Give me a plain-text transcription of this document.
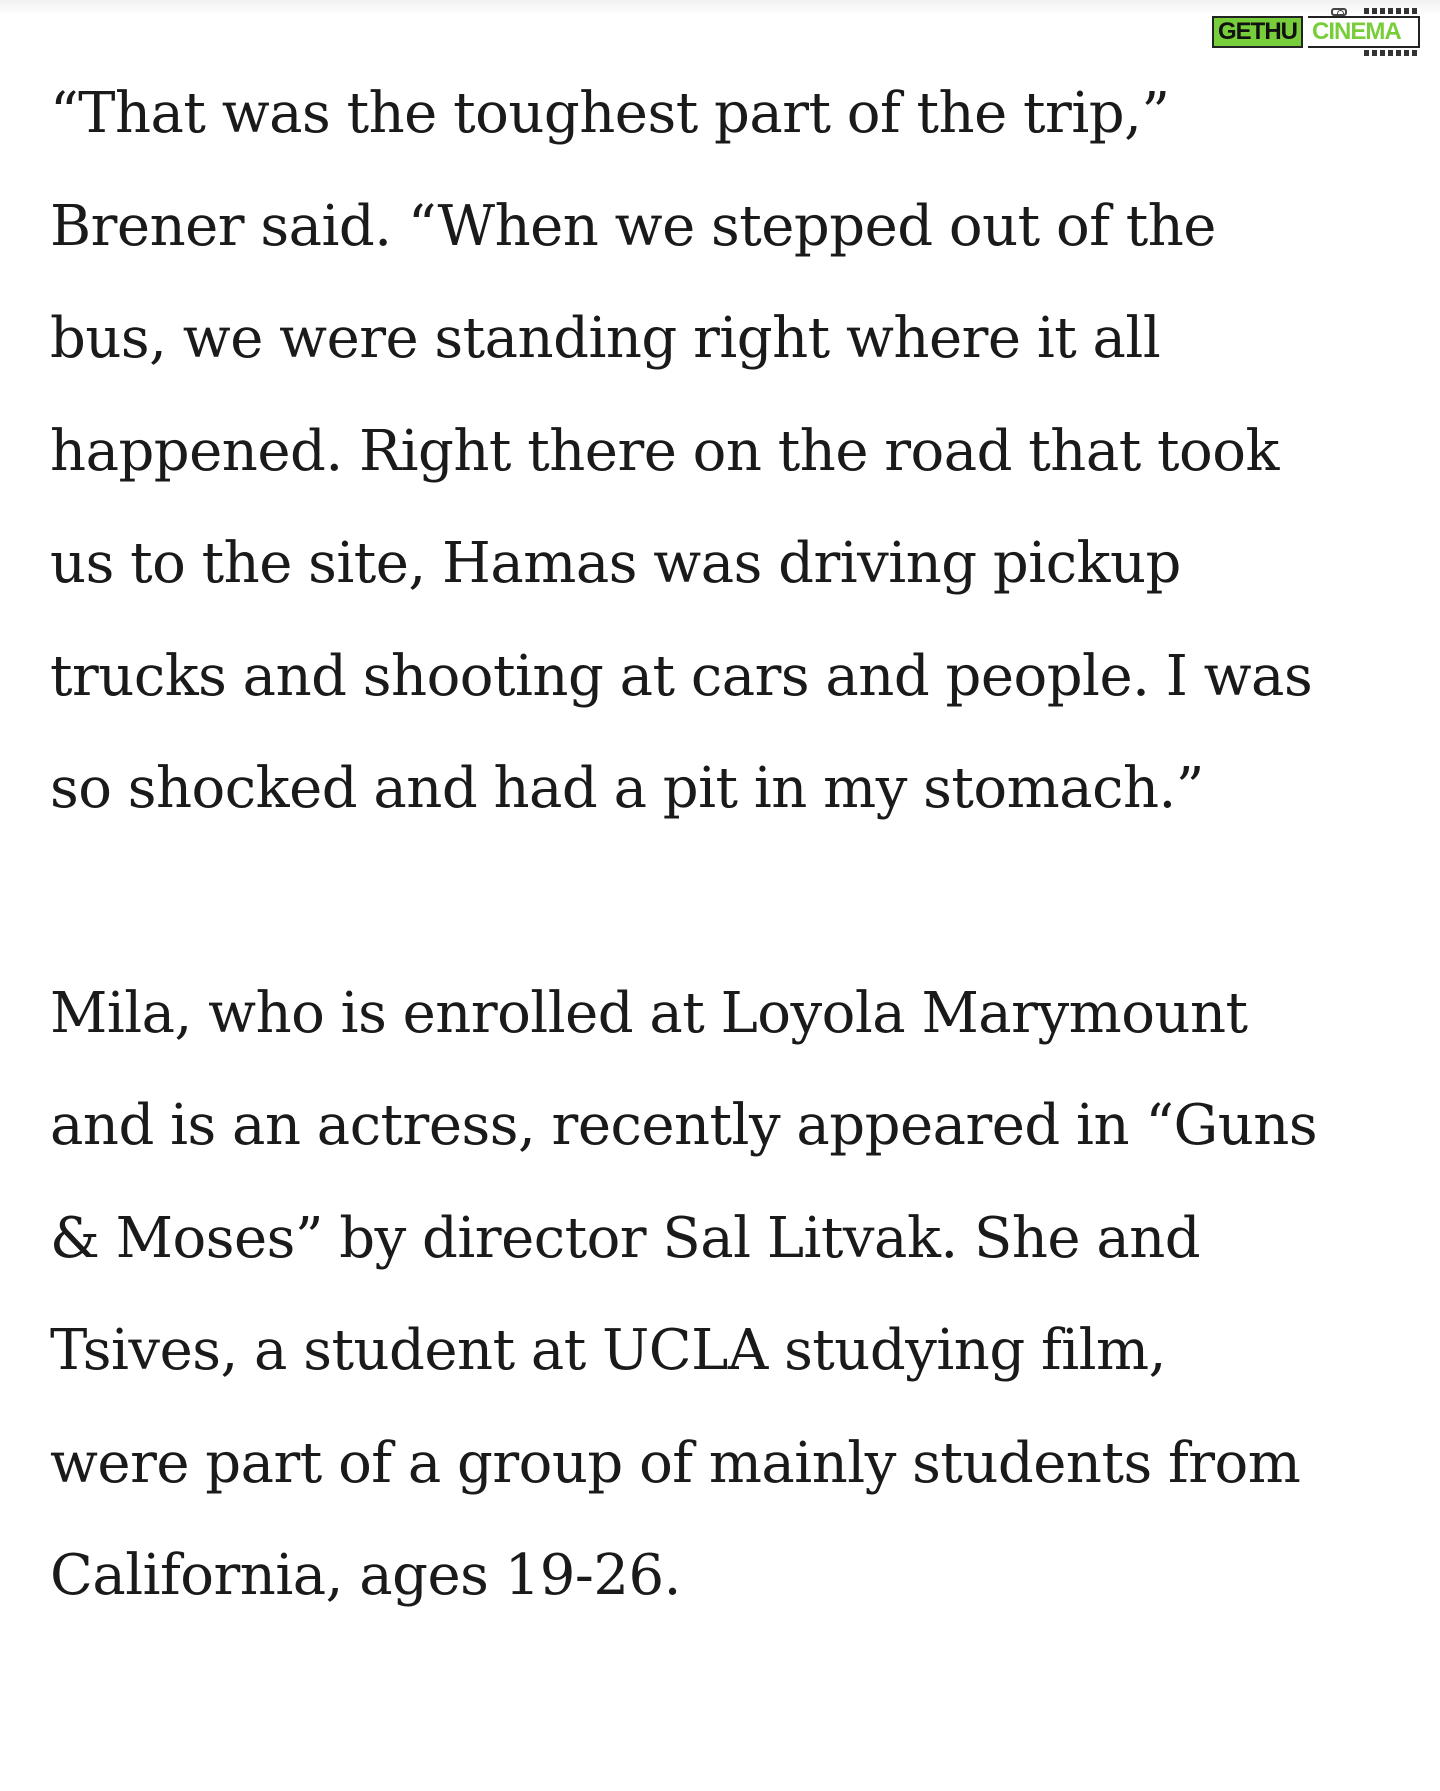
GETHU CINEMA

“That was the toughest part of the trip,”
Brener said. “When we stepped out of the
bus, we were standing right where it all
happened. Right there on the road that took
us to the site, Hamas was driving pickup
trucks and shooting at cars and people. I was
so shocked and had a pit in my stomach.”

Mila, who is enrolled at Loyola Marymount
and is an actress, recently appeared in “Guns
& Moses” by director Sal Litvak. She and
Tsives, a student at UCLA studying film,
were part of a group of mainly students from
California, ages 19-26.
